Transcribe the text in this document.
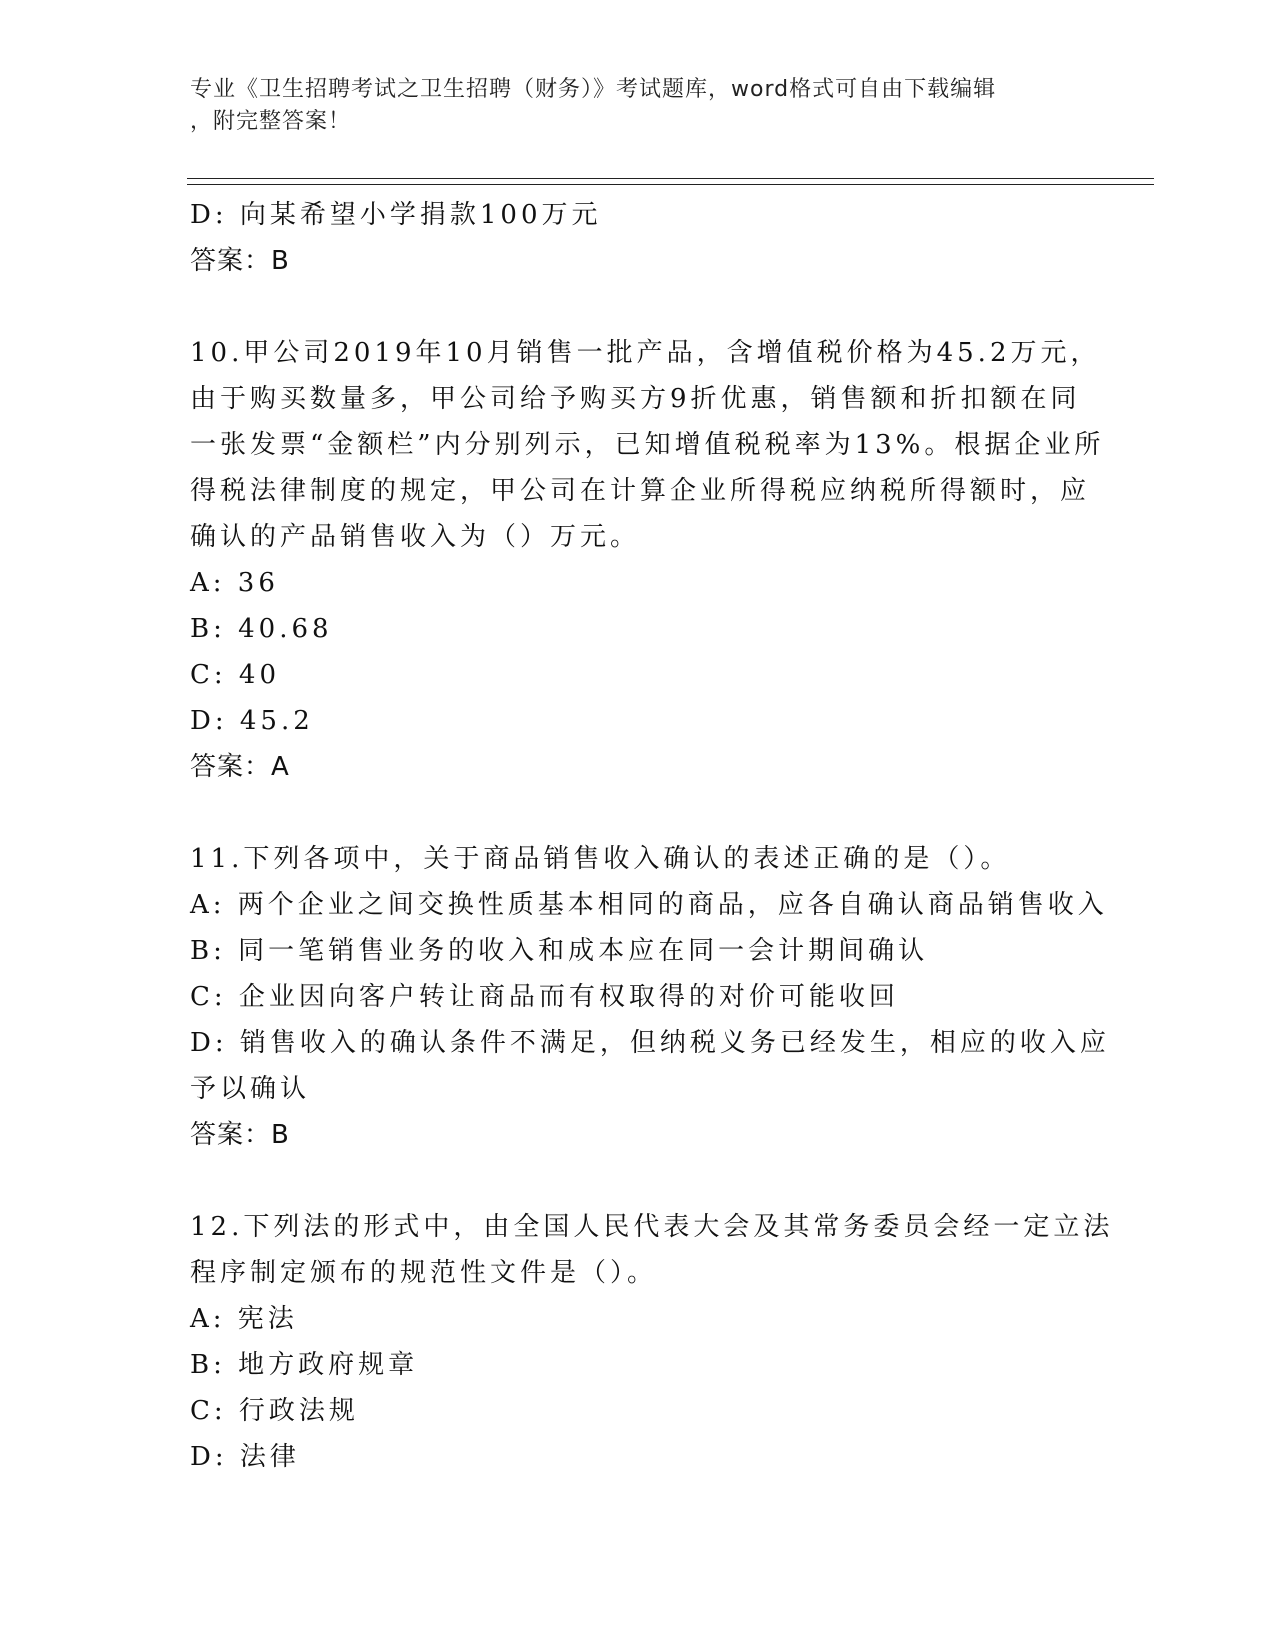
专业《卫生招聘考试之卫生招聘（财务）》考试题库，word格式可自由下载编辑
，附完整答案！
D: 向某希望小学捐款100万元
答案：B
10.甲公司2019年10月销售一批产品，含增值税价格为45.2万元，
由于购买数量多，甲公司给予购买方9折优惠，销售额和折扣额在同
一张发票“金额栏”内分别列示，已知增值税税率为13%。根据企业所
得税法律制度的规定，甲公司在计算企业所得税应纳税所得额时，应
确认的产品销售收入为（）万元。
A: 36
B: 40.68
C: 40
D: 45.2
答案：A
11.下列各项中，关于商品销售收入确认的表述正确的是（）。
A: 两个企业之间交换性质基本相同的商品，应各自确认商品销售收入
B: 同一笔销售业务的收入和成本应在同一会计期间确认
C: 企业因向客户转让商品而有权取得的对价可能收回
D: 销售收入的确认条件不满足，但纳税义务已经发生，相应的收入应
予以确认
答案：B
12.下列法的形式中，由全国人民代表大会及其常务委员会经一定立法
程序制定颁布的规范性文件是（）。
A: 宪法
B: 地方政府规章
C: 行政法规
D: 法律
